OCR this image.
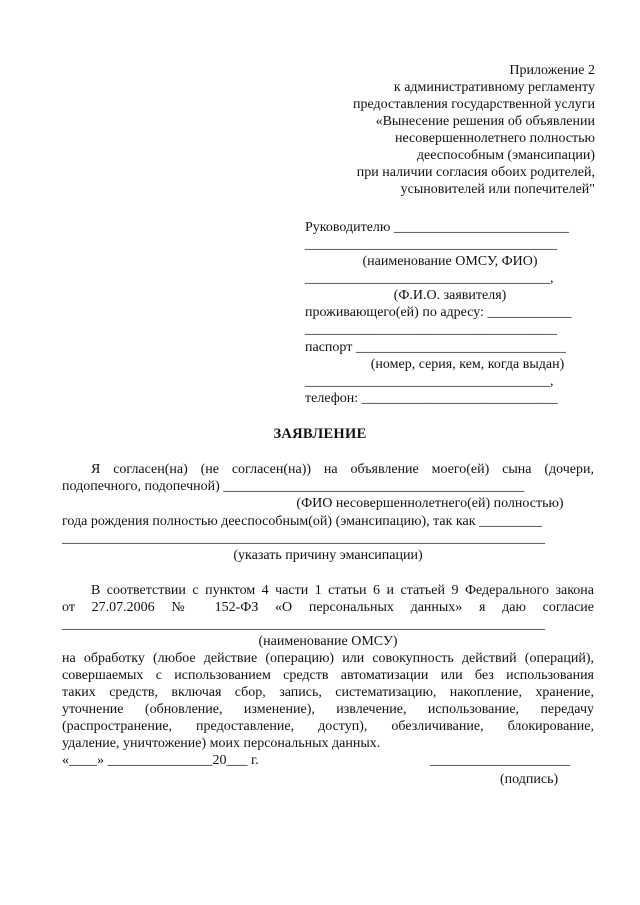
Приложение 2
к административному регламенту
предоставления государственной услуги
«Вынесение решения об объявлении
несовершеннолетнего полностью
дееспособным (эмансипации)
при наличии согласия обоих родителей,
усыновителей или попечителей"
Руководителю _________________________
____________________________________
(наименование ОМСУ, ФИО)
___________________________________,
(Ф.И.О. заявителя)
проживающего(ей) по адресу: ____________
____________________________________
паспорт ______________________________
(номер, серия, кем, когда выдан)
___________________________________,
телефон: ____________________________
ЗАЯВЛЕНИЕ
Я согласен(на) (не согласен(на)) на объявление моего(ей) сына (дочери,
подопечного, подопечной) ___________________________________________
(ФИО несовершеннолетнего(ей) полностью)
года рождения полностью дееспособным(ой) (эмансипацию), так как _________
_____________________________________________________________________
(указать причину эмансипации)
В соответствии с пунктом 4 части 1 статьи 6 и статьей 9 Федерального закона
от 27.07.2006 № 152-ФЗ «О персональных данных» я даю согласие
_____________________________________________________________________
(наименование ОМСУ)
на обработку (любое действие (операцию) или совокупность действий (операций),
совершаемых с использованием средств автоматизации или без использования
таких средств, включая сбор, запись, систематизацию, накопление, хранение,
уточнение (обновление, изменение), извлечение, использование, передачу
(распространение, предоставление, доступ), обезличивание, блокирование,
удаление, уничтожение) моих персональных данных.
«____» _______________20___ г.	____________________
(подпись)
